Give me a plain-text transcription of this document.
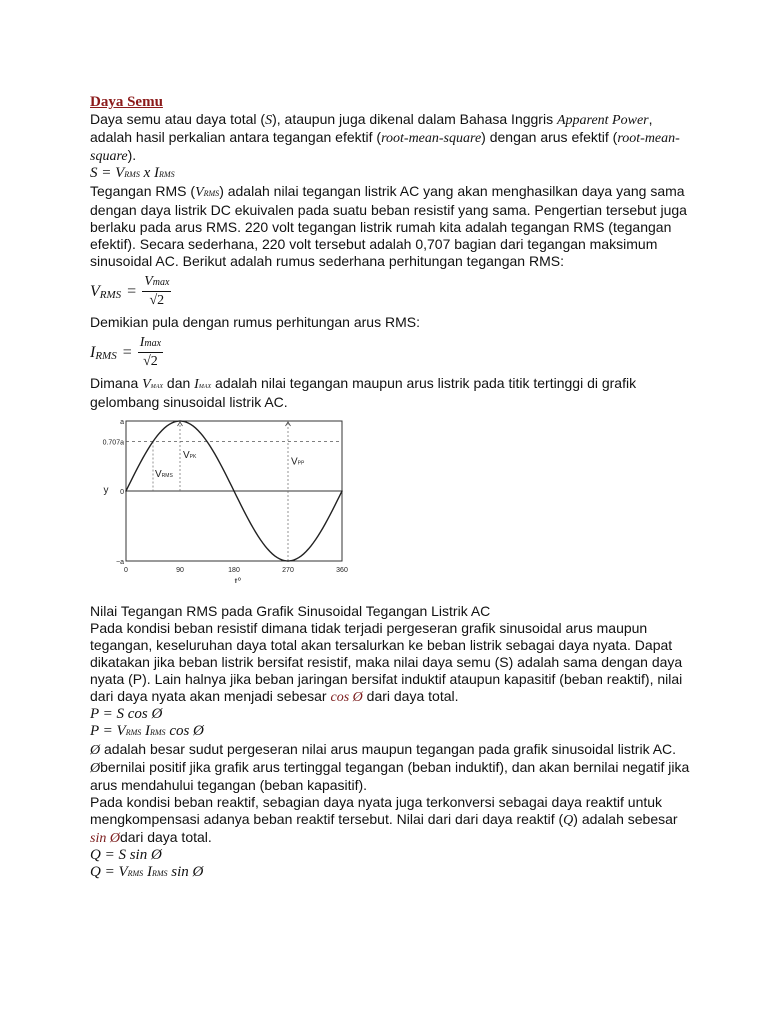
Daya Semu

Daya semu atau daya total (S), ataupun juga dikenal dalam Bahasa Inggris Apparent Power, adalah hasil perkalian antara tegangan efektif (root-mean-square) dengan arus efektif (root-mean-square).

S = VRMS x IRMS

Tegangan RMS (VRMS) adalah nilai tegangan listrik AC yang akan menghasilkan daya yang sama dengan daya listrik DC ekuivalen pada suatu beban resistif yang sama. Pengertian tersebut juga berlaku pada arus RMS. 220 volt tegangan listrik rumah kita adalah tegangan RMS (tegangan efektif). Secara sederhana, 220 volt tersebut adalah 0,707 bagian dari tegangan maksimum sinusoidal AC. Berikut adalah rumus sederhana perhitungan tegangan RMS:

V RMS = $\frac{Vmax}{√2}$

Demikian pula dengan rumus perhitungan arus RMS:

I RMS = $\frac{Imax}{√2}$

Dimana Vmax dan Imax adalah nilai tegangan maupun arus listrik pada titik tertinggi di grafik gelombang sinusoidal listrik AC.

0	90	180	270	360
a
0.707a
0
−a
t°
y
VPK	VPP
VRMS

Nilai Tegangan RMS pada Grafik Sinusoidal Tegangan Listrik AC

Pada kondisi beban resistif dimana tidak terjadi pergeseran grafik sinusoidal arus maupun tegangan, keseluruhan daya total akan tersalurkan ke beban listrik sebagai daya nyata. Dapat dikatakan jika beban listrik bersifat resistif, maka nilai daya semu (S) adalah sama dengan daya nyata (P). Lain halnya jika beban jaringan bersifat induktif ataupun kapasitif (beban reaktif), nilai dari daya nyata akan menjadi sebesar cos Ø dari daya total.

P = S cos Ø

P = VRMS IRMS cos Ø

Ø adalah besar sudut pergeseran nilai arus maupun tegangan pada grafik sinusoidal listrik AC. Øbernilai positif jika grafik arus tertinggal tegangan (beban induktif), dan akan bernilai negatif jika arus mendahului tegangan (beban kapasitif).

Pada kondisi beban reaktif, sebagian daya nyata juga terkonversi sebagai daya reaktif untuk mengkompensasi adanya beban reaktif tersebut. Nilai dari dari daya reaktif (Q) adalah sebesar sin Ødari daya total.

Q = S sin Ø

Q = VRMS IRMS sin Ø
